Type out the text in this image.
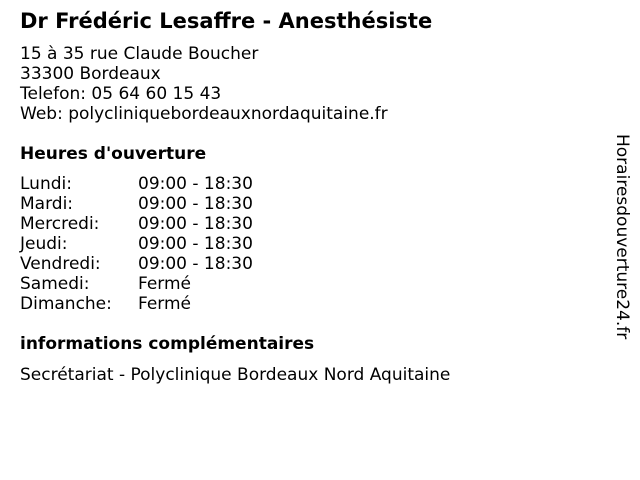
Dr Frédéric Lesaffre - Anesthésiste
15 à 35 rue Claude Boucher
33300 Bordeaux
Telefon: 05 64 60 15 43
Web: polycliniquebordeauxnordaquitaine.fr
Heures d'ouverture
Lundi:	09:00 - 18:30
Mardi:	09:00 - 18:30
Mercredi:	09:00 - 18:30
Jeudi:	09:00 - 18:30
Vendredi:	09:00 - 18:30
Samedi:	Fermé
Dimanche:	Fermé
informations complémentaires
Secrétariat - Polyclinique Bordeaux Nord Aquitaine
Horairesdouverture24.fr
